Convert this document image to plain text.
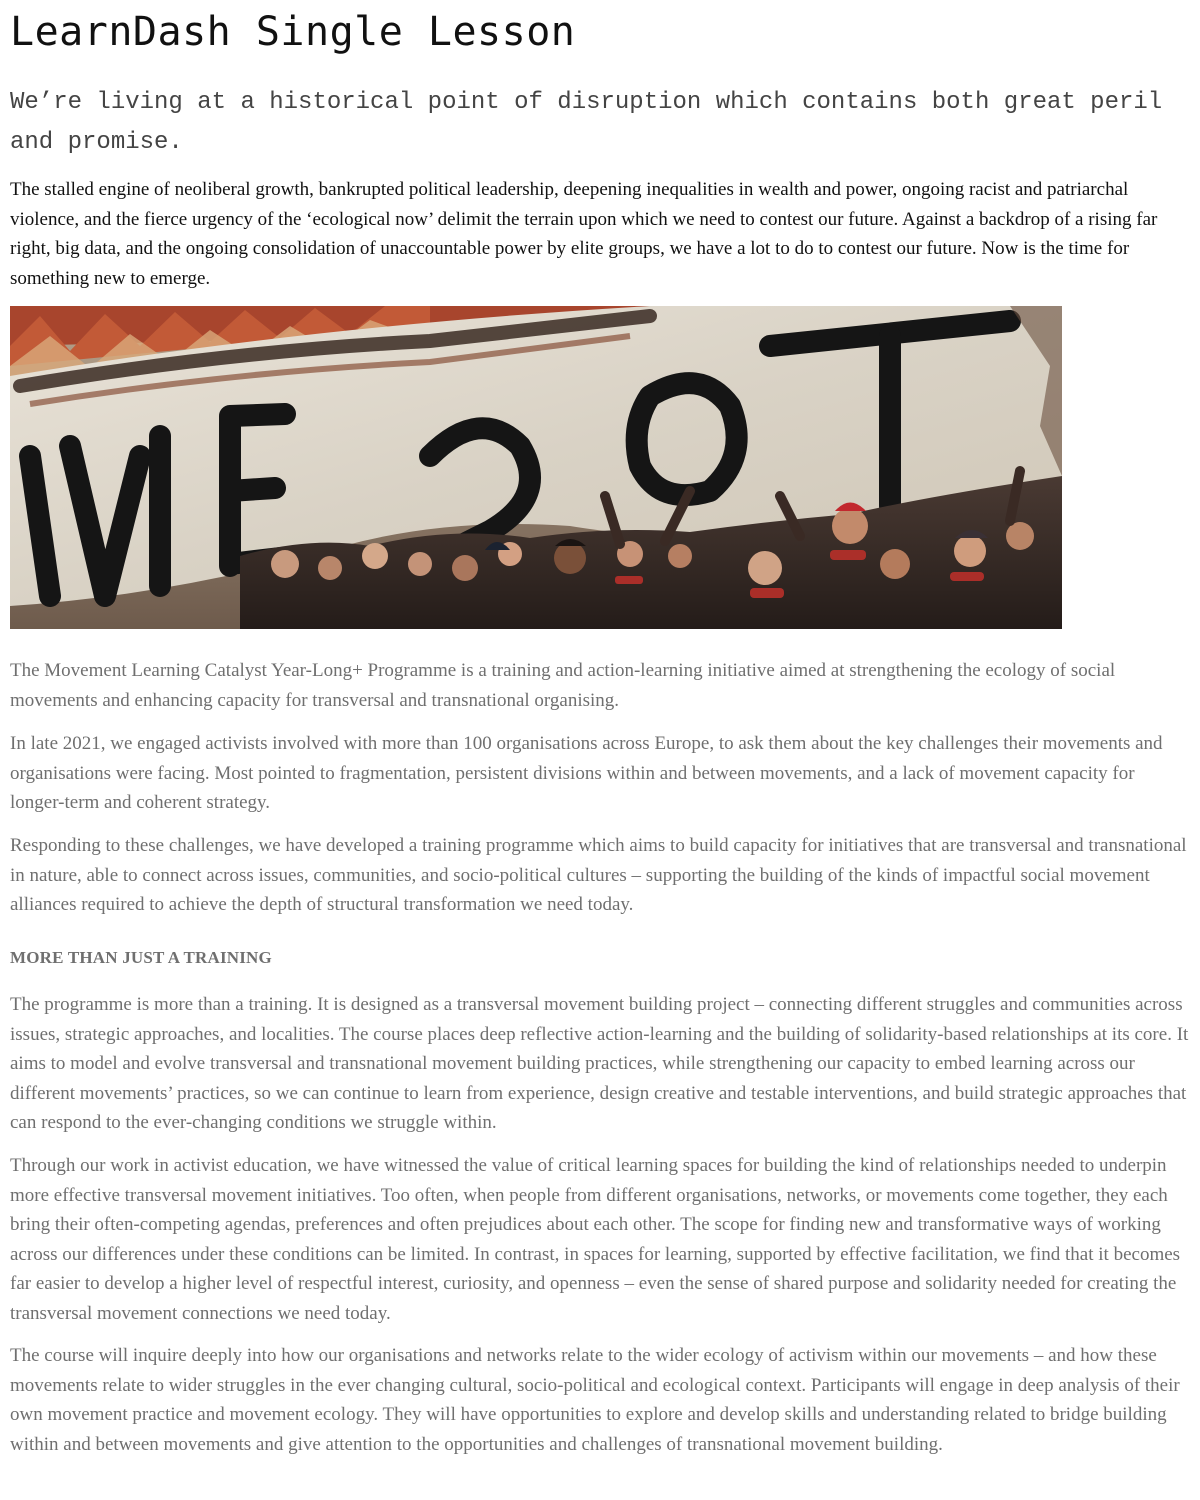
LearnDash Single Lesson

We’re living at a historical point of disruption which contains both great peril and promise.

The stalled engine of neoliberal growth, bankrupted political leadership, deepening inequalities in wealth and power, ongoing racist and patriarchal violence, and the fierce urgency of the ‘ecological now’ delimit the terrain upon which we need to contest our future. Against a backdrop of a rising far right, big data, and the ongoing consolidation of unaccountable power by elite groups, we have a lot to do to contest our future. Now is the time for something new to emerge.

The Movement Learning Catalyst Year-Long+ Programme is a training and action-learning initiative aimed at strengthening the ecology of social movements and enhancing capacity for transversal and transnational organising.

In late 2021, we engaged activists involved with more than 100 organisations across Europe, to ask them about the key challenges their movements and organisations were facing. Most pointed to fragmentation, persistent divisions within and between movements, and a lack of movement capacity for longer-term and coherent strategy.

Responding to these challenges, we have developed a training programme which aims to build capacity for initiatives that are transversal and transnational in nature, able to connect across issues, communities, and socio-political cultures – supporting the building of the kinds of impactful social movement alliances required to achieve the depth of structural transformation we need today.

MORE THAN JUST A TRAINING

The programme is more than a training. It is designed as a transversal movement building project – connecting different struggles and communities across issues, strategic approaches, and localities. The course places deep reflective action-learning and the building of solidarity-based relationships at its core. It aims to model and evolve transversal and transnational movement building practices, while strengthening our capacity to embed learning across our different movements’ practices, so we can continue to learn from experience, design creative and testable interventions, and build strategic approaches that can respond to the ever-changing conditions we struggle within.

Through our work in activist education, we have witnessed the value of critical learning spaces for building the kind of relationships needed to underpin more effective transversal movement initiatives. Too often, when people from different organisations, networks, or movements come together, they each bring their often-competing agendas, preferences and often prejudices about each other. The scope for finding new and transformative ways of working across our differences under these conditions can be limited. In contrast, in spaces for learning, supported by effective facilitation, we find that it becomes far easier to develop a higher level of respectful interest, curiosity, and openness – even the sense of shared purpose and solidarity needed for creating the transversal movement connections we need today.

The course will inquire deeply into how our organisations and networks relate to the wider ecology of activism within our movements – and how these movements relate to wider struggles in the ever changing cultural, socio-political and ecological context. Participants will engage in deep analysis of their own movement practice and movement ecology. They will have opportunities to explore and develop skills and understanding related to bridge building within and between movements and give attention to the opportunities and challenges of transnational movement building.
